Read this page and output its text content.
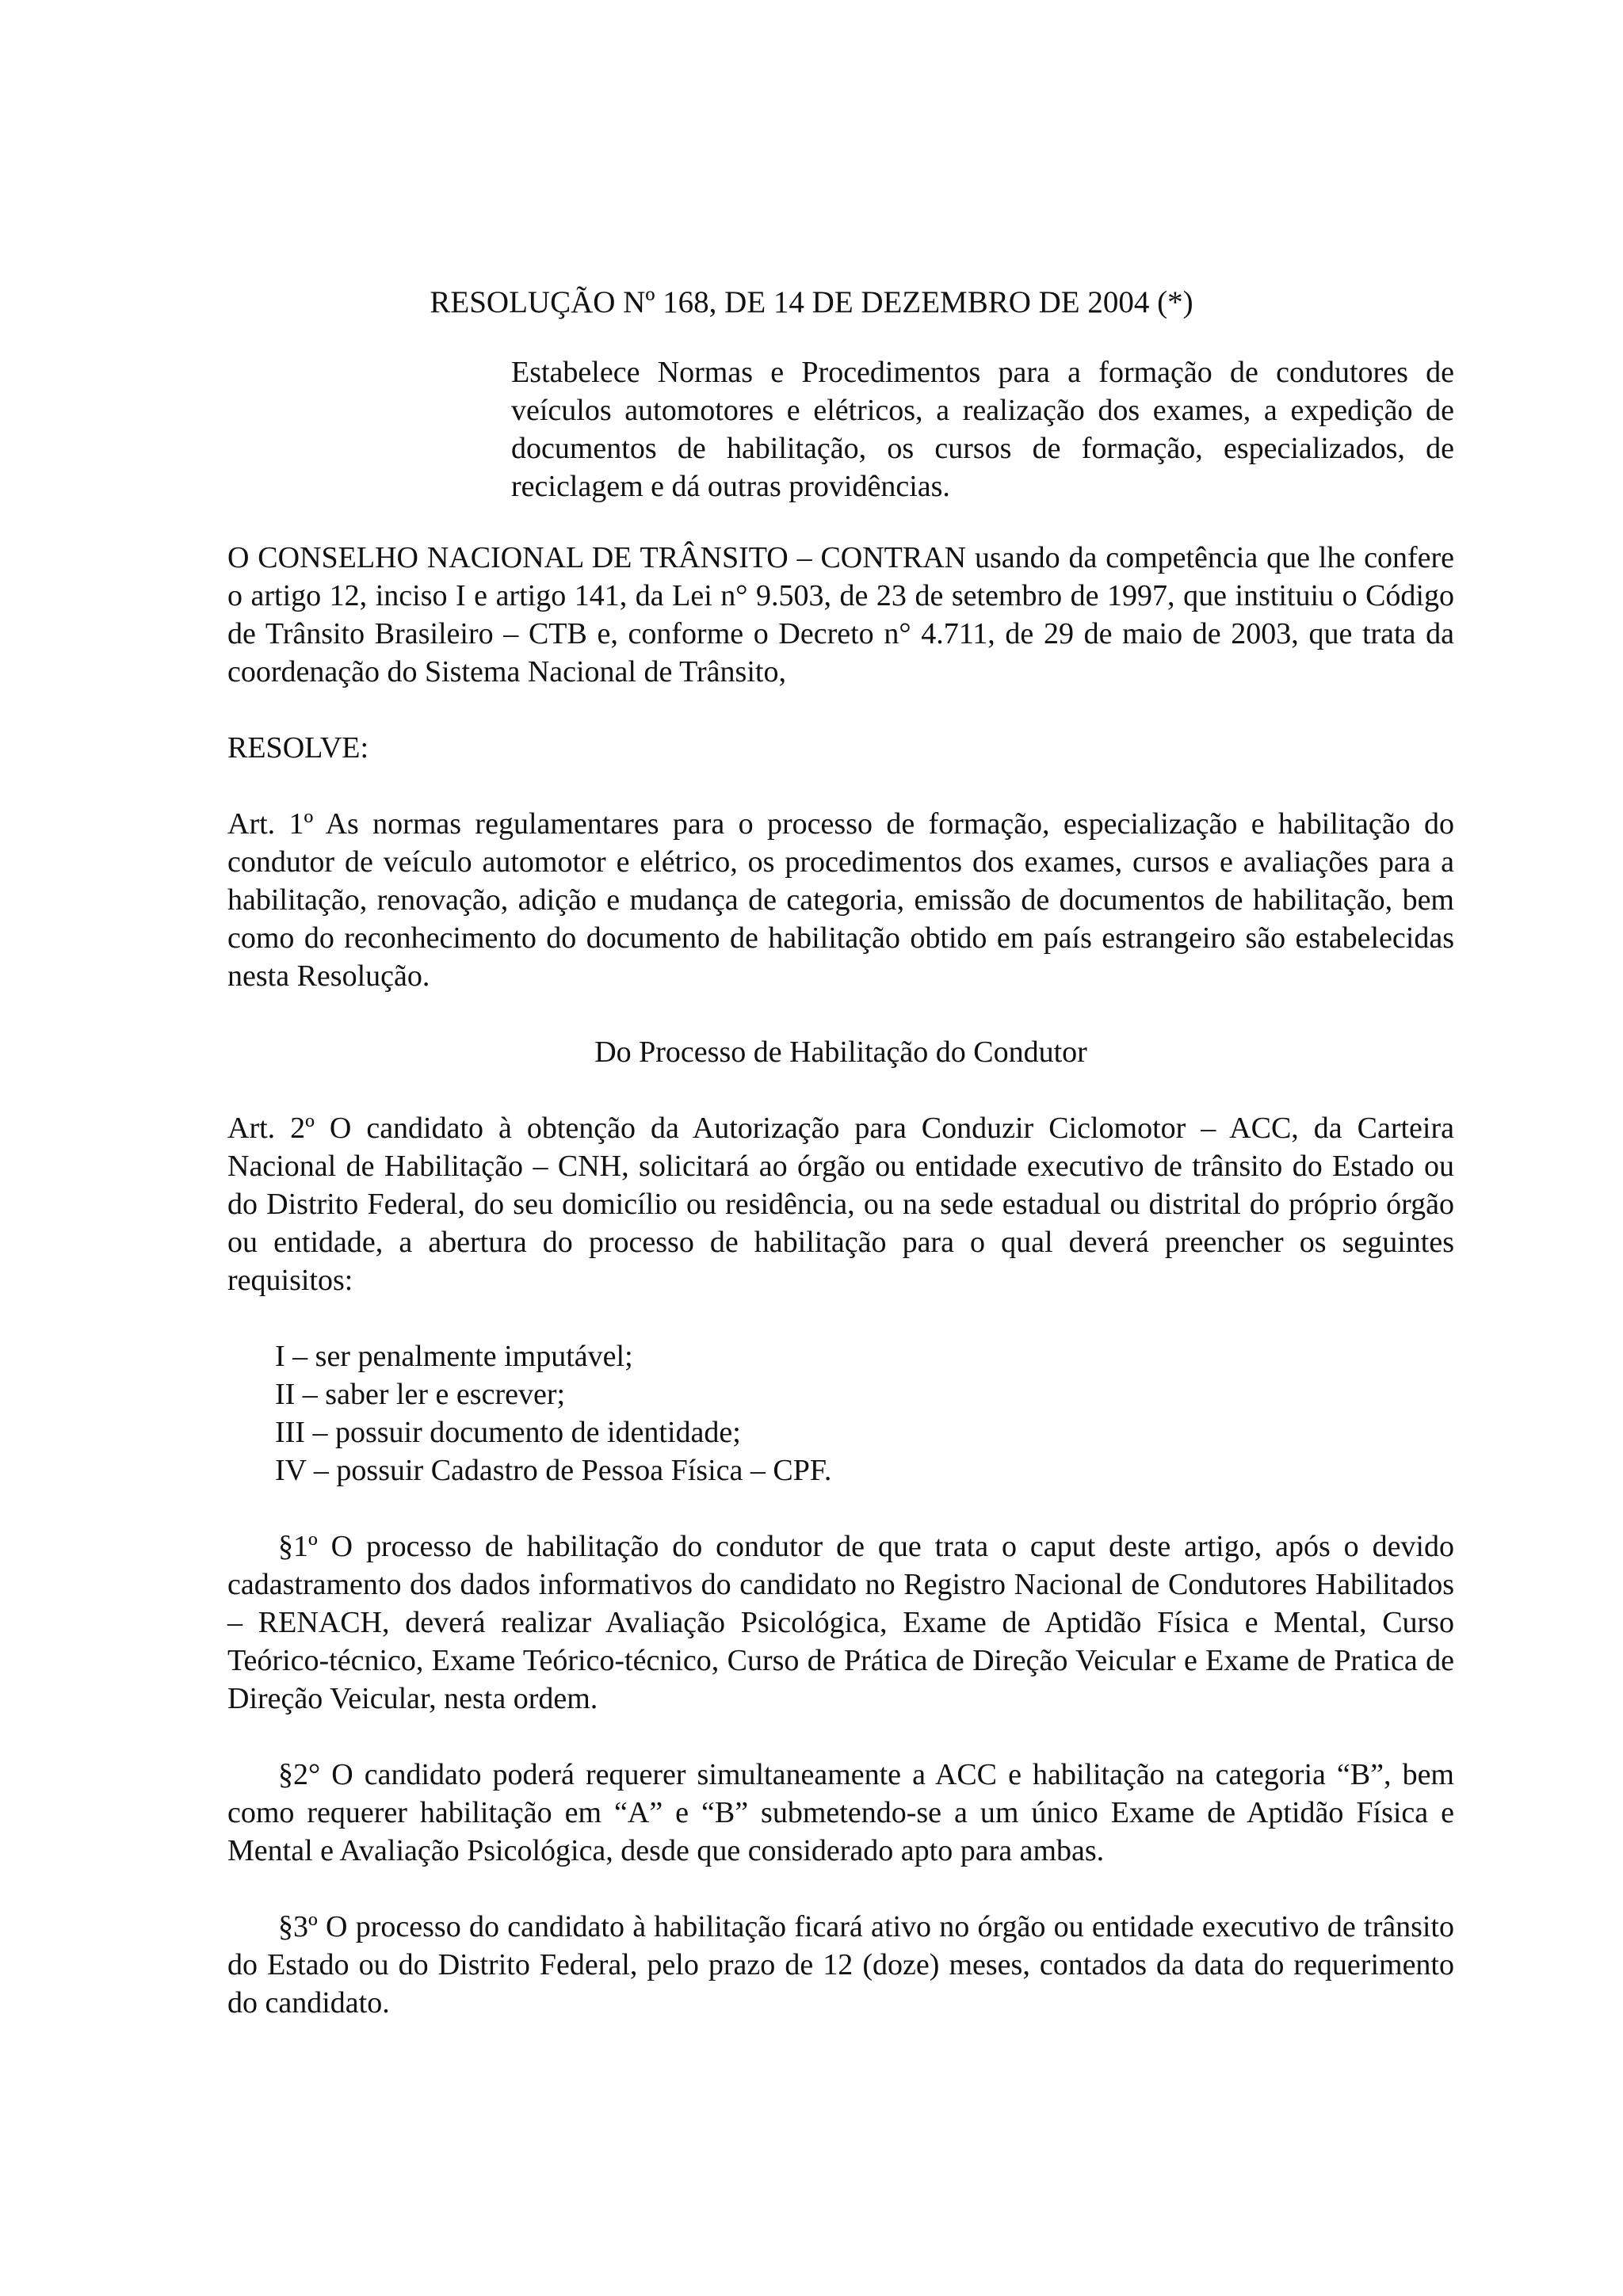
RESOLUÇÃO Nº 168, DE 14 DE DEZEMBRO DE 2004 (*)
Estabelece Normas e Procedimentos para a formação de condutores de veículos automotores e elétricos, a realização dos exames, a expedição de documentos de habilitação, os cursos de formação, especializados, de reciclagem e dá outras providências.

O CONSELHO NACIONAL DE TRÂNSITO – CONTRAN usando da competência que lhe confere o artigo 12, inciso I e artigo 141, da Lei n° 9.503, de 23 de setembro de 1997, que instituiu o Código de Trânsito Brasileiro – CTB e, conforme o Decreto n° 4.711, de 29 de maio de 2003, que trata da coordenação do Sistema Nacional de Trânsito,

RESOLVE:

Art. 1º As normas regulamentares para o processo de formação, especialização e habilitação do condutor de veículo automotor e elétrico, os procedimentos dos exames, cursos e avaliações para a habilitação, renovação, adição e mudança de categoria, emissão de documentos de habilitação, bem como do reconhecimento do documento de habilitação obtido em país estrangeiro são estabelecidas nesta Resolução.

Do Processo de Habilitação do Condutor

Art. 2º O candidato à obtenção da Autorização para Conduzir Ciclomotor – ACC, da Carteira Nacional de Habilitação – CNH, solicitará ao órgão ou entidade executivo de trânsito do Estado ou do Distrito Federal, do seu domicílio ou residência, ou na sede estadual ou distrital do próprio órgão ou entidade, a abertura do processo de habilitação para o qual deverá preencher os seguintes requisitos:

I – ser penalmente imputável;
II – saber ler e escrever;
III – possuir documento de identidade;
IV – possuir Cadastro de Pessoa Física – CPF.

§1º O processo de habilitação do condutor de que trata o caput deste artigo, após o devido cadastramento dos dados informativos do candidato no Registro Nacional de Condutores Habilitados – RENACH, deverá realizar Avaliação Psicológica, Exame de Aptidão Física e Mental, Curso Teórico-técnico, Exame Teórico-técnico, Curso de Prática de Direção Veicular e Exame de Pratica de Direção Veicular, nesta ordem.

§2° O candidato poderá requerer simultaneamente a ACC e habilitação na categoria “B”, bem como requerer habilitação em “A” e “B” submetendo-se a um único Exame de Aptidão Física e Mental e Avaliação Psicológica, desde que considerado apto para ambas.

§3º O processo do candidato à habilitação ficará ativo no órgão ou entidade executivo de trânsito do Estado ou do Distrito Federal, pelo prazo de 12 (doze) meses, contados da data do requerimento do candidato.
